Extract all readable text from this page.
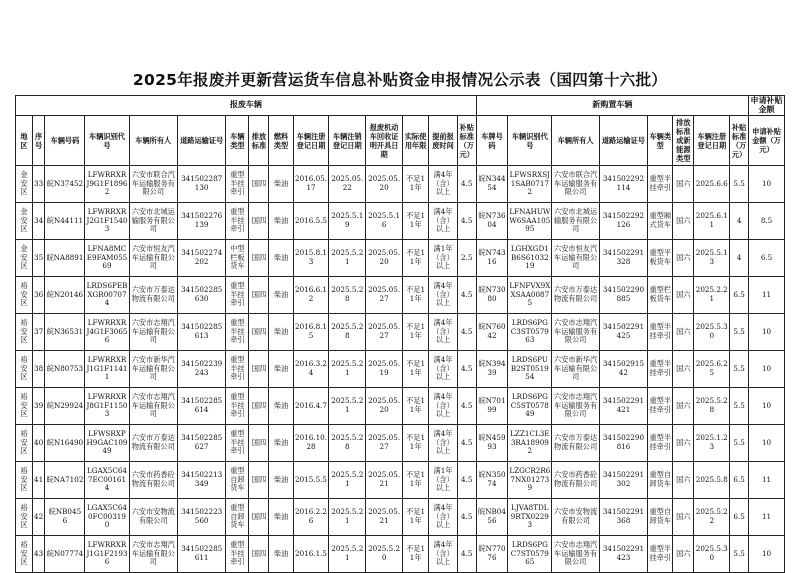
2025年报废并更新营运货车信息补贴资金申报情况公示表（国四第十六批）
报废车辆															新购置车辆								申请补贴金额
地区	序号	车辆号码	车辆识别代号	车辆所有人	道路运输证号	车辆类型	排放标准	燃料类型	车辆注册登记日期	车辆注销登记日期	报废机动车回收证明开具日期	实际使用年限	提前报废时间	补贴标准（万元）	车牌号码	车辆识别代号	车辆所有人	道路运输证号	车辆类型	排放标准或新能源类型	车辆注册登记日期	补贴标准（万元）	申请补贴金额（万元）
金安区	33	皖N37452	LFWRRXRJ9G1F18962	六安市联合汽车运输服务有限公司	341502287130	重型半挂牵引	国四	柴油	2016.05.17	2025.05.22	2025.05.20	不足11年	满4年（含）以上	4.5	皖N34454	LFWSRXSJ1SAB07172	六安市联合汽车运输服务有限公司	341502292114	重型半挂牵引	国六	2025.6.6	5.5	10
金安区	34	皖N44111	LFWRRXRJ2G1F15403	六安市北城运输服务有限公司	341502276139	重型半挂牵引	国四	柴油	2016.5.5	2025.5.19	2025.5.16	不足11年	满4年（含）以上	4.5	皖N73604	LFNAHUWW6SAA10595	六安市北城运输服务有限公司	341502292126	重型厢式货车	国六	2025.6.11	4	8.5
金安区	35	皖NA8891	LFNA8MCE9FAM05569	六安市恒友汽车运输有限公司	341502274202	中型栏板货车	国四	柴油	2015.8.13	2025.5.21	2025.05.20	不足11年	满1年（含）以上	2.5	皖N74316	LGHXGD1B6S6103219	六安市恒友汽车运输有限公司	341502291328	重型平板货车	国六	2025.5.13	4	6.5
裕安区	36	皖N20146	LRDS6PEBXGR007074	六安市万泰达物流有限公司	341502285630	重型半挂牵引	国四	柴油	2016.6.12	2025.5.28	2025.05.27	不足11年	满4年（含）以上	4.5	皖N73080	LFNFVX9XXSAA00875	六安市万泰达物流有限公司	341502290885	重型栏板货车	国六	2025.2.21	6.5	11
裕安区	37	皖N36531	LFWRRXRJ4G1F30656	六安市志翔汽车运输有限公司	341502285613	重型半挂牵引	国四	柴油	2016.8.15	2025.5.28	2025.05.27	不足11年	满4年（含）以上	4.5	皖N76042	LRDS6PGC3ST057963	六安市志翔汽车运输服务有限公司	341502291425	重型半挂牵引	国六	2025.5.30	5.5	10
裕安区	38	皖N80753	LFWRRXRJ1G1F11411	六安市新华汽车运输有限公司	341502239243	重型半挂牵引	国四	柴油	2016.3.24	2025.5.21	2025.05.19	不足11年	满4年（含）以上	4.5	皖N39439	LRDS6PUB2ST051954	六安市新华汽车运输有限公司	34150291542	重型半挂牵引	国六	2025.6.25	5.5	10
裕安区	39	皖N29924	LFWRRXRJ8G1F11503	六安市志翔汽车运输有限公司	341502285614	重型半挂牵引	国四	柴油	2016.4.7	2025.5.21	2025.05.20	不足11年	满4年（含）以上	4.5	皖N70199	LRDS6PGC5ST057849	六安市志翔汽车运输服务有限公司	341502291421	重型半挂牵引	国六	2025.5.28	5.5	10
裕安区	40	皖N16490	LFWSRXPH9GAC10949	六安市万泰达物流有限公司	341502285627	重型半挂牵引	国四	柴油	2016.10.28	2025.5.28	2025.05.27	不足11年	满4年（含）以上	4.5	皖N45993	LZZ1CL3E3RA189092	六安市万泰达物流有限公司	341502290816	重型半挂牵引	国六	2025.1.23	5.5	10
裕安区	41	皖NA7102	LGAX5C647EC001614	六安市药香砼物流有限公司	341502213349	重型自卸货车	国四	柴油	2015.5.5	2025.5.21	2025.05.21	不足11年	满1年（含）以上	4.5	皖N35074	LZGCR2R67NX012739	六安市药香砼物流有限公司	341502291302	重型自卸货车	国六	2025.5.8	6.5	11
裕安区	42	皖NB0456	LGAX5C640FC003190	六安市安物流有限公司	341502223560	重型自卸货车	国四	柴油	2016.2.26	2025.5.21	2025.05.21	不足11年	满4年（含）以上	4.5	皖NB0456	LJVA8TDL9RTX02293	六安市安物流有限公司	341502291368	重型自卸货车	国六	2025.5.22	6.5	11
裕安区	43	皖N07774	LFWRRXRJ1G1F21936	六安市志翔汽车运输有限公司	341502285611	重型半挂牵引	国四	柴油	2016.1.5	2025.5.21	2025.5.20	不足11年	满4年（含）以上	4.5	皖N77076	LRDS6PGC7ST057965	六安市志翔汽车运输服务有限公司	341502291423	重型半挂牵引	国六	2025.5.30	5.5	10
